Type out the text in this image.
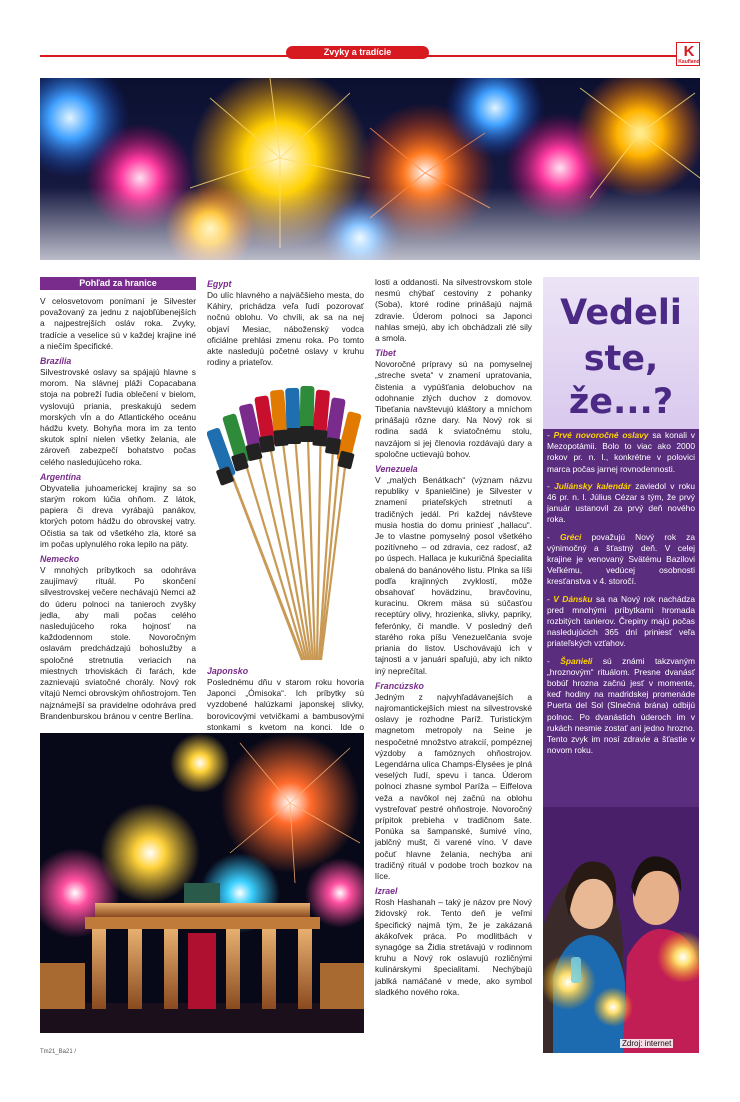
Zvyky a tradície	K
Kaufland
Pohľad za hranice

V celosvetovom ponímaní je Silvester považovaný za jednu z najobľúbenejších a najpestrejších osláv roka. Zvyky, tradície a veselice sú v každej krajine iné a niečím špecifické.

Brazília

Silvestrovské oslavy sa spájajú hlavne s morom. Na slávnej pláži Copacabana stoja na pobreží ľudia oblečení v bielom, vyslovujú priania, preskakujú sedem morských vĺn a do Atlantického oceánu hádžu kvety. Bohyňa mora im za tento skutok splní nielen všetky želania, ale zároveň zabezpečí bohatstvo počas celého nasledujúceho roka.

Argentína

Obyvatelia juhoamerickej krajiny sa so starým rokom lúčia ohňom. Z látok, papiera či dreva vyrábajú panákov, ktorých potom hádžu do obrovskej vatry. Očistia sa tak od všetkého zla, ktoré sa im počas uplynulého roka lepilo na päty.

Nemecko

V mnohých príbytkoch sa odohráva zaujímavý rituál. Po skončení silvestrovskej večere nechávajú Nemci až do úderu polnoci na tanieroch zvyšky jedla, aby mali počas celého nasledujúceho roka hojnosť na každodennom stole. Novoročným oslavám predchádzajú bohoslužby a spoločné stretnutia veriacich na miestnych trhoviskách či farách, kde zaznievajú sviatočné chorály. Nový rok vítajú Nemci obrovským ohňostrojom. Ten najznámejší sa pravidelne odohráva pred Brandenburskou bránou v centre Berlína.

Egypt

Do ulíc hlavného a najväčšieho mesta, do Káhiry, prichádza veľa ľudí pozorovať nočnú oblohu. Vo chvíli, ak sa na nej objaví Mesiac, náboženský vodca oficiálne prehlási zmenu roka. Po tomto akte nasledujú početné oslavy v kruhu rodiny a priateľov.

Japonsko

Poslednému dňu v starom roku hovoria Japonci „Ómisoka“. Ich príbytky sú vyzdobené halúzkami japonskej slivky, borovicovými vetvičkami a bambusovými stonkami s kvetom na konci. Ide o

Tm21_Ba21 /

losti a oddanosti. Na silvestrovskom stole nesmú chýbať cestoviny z pohanky (Soba), ktoré rodine prinášajú najmä zdravie. Úderom polnoci sa Japonci nahlas smejú, aby ich obchádzali zlé sily a smola.

Tibet

Novoročné prípravy sú na pomyselnej „streche sveta“ v znamení upratovania, čistenia a vypúšťania delobuchov na odohnanie zlých duchov z domovov. Tibeťania navštevujú kláštory a mníchom prinášajú rôzne dary. Na Nový rok si rodina sadá k sviatočnému stolu, navzájom si jej členovia rozdávajú dary a spoločne uctievajú bohov.

Venezuela

V „malých Benátkach“ (význam názvu republiky v španielčine) je Silvester v znamení priateľských stretnutí a tradičných jedál. Pri každej návšteve musia hostia do domu priniesť „hallacu“. Je to vlastne pomyselný posol všetkého pozitívneho – od zdravia, cez radosť, až po úspech. Hallaca je kukuričná špecialita obalená do banánového listu. Plnka sa líši podľa krajinných zvyklostí, môže obsahovať hovädzinu, bravčovinu, kuracinu. Okrem mäsa sú súčasťou receptúry olivy, hrozienka, slivky, papriky, feferónky, či mandle. V posledný deň starého roka píšu Venezuelčania svoje priania do listov. Uschovávajú ich v tajnosti a v januári spaľujú, aby ich nikto iný neprečítal.

Francúzsko

Jedným z najvyhľadávanejších a najromantickejších miest na silvestrovské oslavy je rozhodne Paríž. Turistickým magnetom metropoly na Seine je nespočetné množstvo atrakcií, pompéznej výzdoby a famóznych ohňostrojov. Legendárna ulica Champs-Élysées je plná veselých ľudí, spevu i tanca. Úderom polnoci zhasne symbol Paríža – Eiffelova veža a navôkol nej začnú na oblohu vystreľovať pestré ohňostroje. Novoročný prípitok prebieha v tradičnom šate. Ponúka sa šampanské, šumivé víno, jablčný mušt, či varené víno. V dave počuť hlavne želania, nechýba ani tradičný rituál v podobe troch bozkov na líce.

Izrael

Rosh Hashanah – taký je názov pre Nový židovský rok. Tento deň je veľmi špecifický najmä tým, že je zakázaná akákoľvek práca. Po modlitbách v synagóge sa Židia stretávajú v rodinnom kruhu a Nový rok oslavujú rozličnými kulinárskymi špecialitami. Nechýbajú jablká namáčané v mede, ako symbol sladkého nového roka.

Vedeli
ste,
že...?

- Prvé novoročné oslavy sa konali v Mezopotámii. Bolo to viac ako 2000 rokov pr. n. l., konkrétne v polovici marca počas jarnej rovnodennosti.

- Juliánsky kalendár zaviedol v roku 46 pr. n. l. Július Cézar s tým, že prvý január ustanovil za prvý deň nového roka.

- Gréci považujú Nový rok za výnimočný a šťastný deň. V celej krajine je venovaný Svätému Bazilovi Veľkému, vedúcej osobnosti kresťanstva v 4. storočí.

- V Dánsku sa na Nový rok nachádza pred mnohými príbytkami hromada rozbitých tanierov. Črepiny majú počas nasledujúcich 365 dní priniesť veľa priateľských vzťahov.

- Španieli sú známi takzvaným „hroznovým“ rituálom. Presne dvanásť bobúľ hrozna začnú jesť v momente, keď hodiny na madridskej promenáde Puerta del Sol (Slnečná brána) odbijú polnoc. Po dvanástich úderoch im v rukách nesmie zostať ani jedno hrozno. Tento zvyk im nosí zdravie a šťastie v novom roku.

Zdroj: internet
